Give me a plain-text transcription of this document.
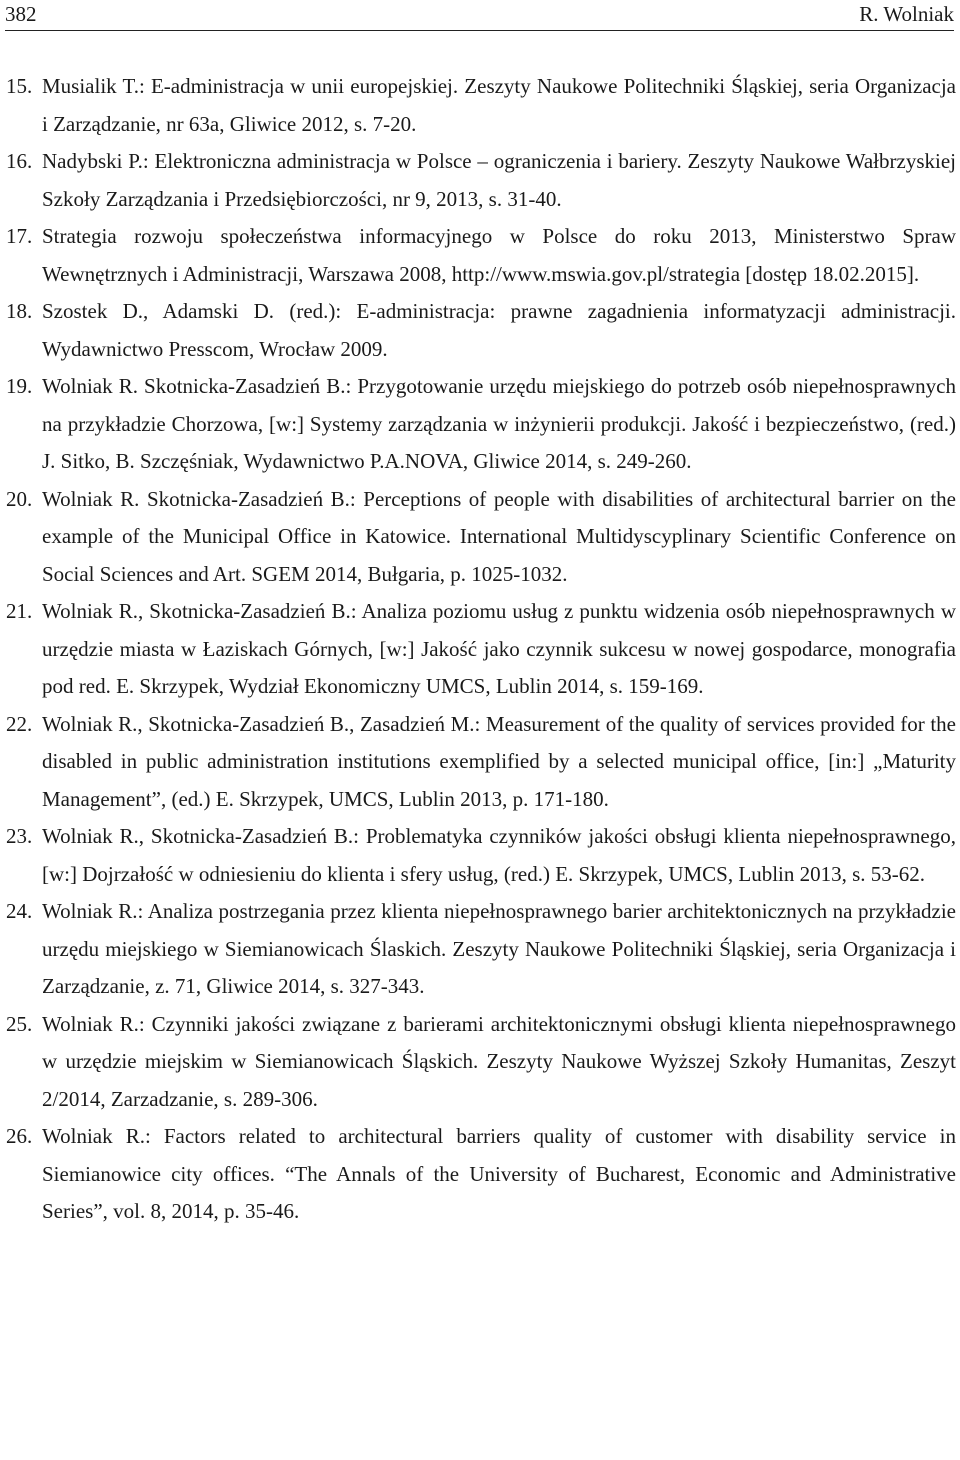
382	R. Wolniak
15. Musialik T.: E-administracja w unii europejskiej. Zeszyty Naukowe Politechniki Śląskiej, seria Organizacja i Zarządzanie, nr 63a, Gliwice 2012, s. 7-20.
16. Nadybski P.: Elektroniczna administracja w Polsce – ograniczenia i bariery. Zeszyty Naukowe Wałbrzyskiej Szkoły Zarządzania i Przedsiębiorczości, nr 9, 2013, s. 31-40.
17. Strategia rozwoju społeczeństwa informacyjnego w Polsce do roku 2013, Ministerstwo Spraw Wewnętrznych i Administracji, Warszawa 2008, http://www.mswia.gov.pl/strategia [dostęp 18.02.2015].
18. Szostek D., Adamski D. (red.): E-administracja: prawne zagadnienia informatyzacji administracji. Wydawnictwo Presscom, Wrocław 2009.
19. Wolniak R. Skotnicka-Zasadzień B.: Przygotowanie urzędu miejskiego do potrzeb osób niepełnosprawnych na przykładzie Chorzowa, [w:] Systemy zarządzania w inżynierii produkcji. Jakość i bezpieczeństwo, (red.) J. Sitko, B. Szczęśniak, Wydawnictwo P.A.NOVA, Gliwice 2014, s. 249-260.
20. Wolniak R. Skotnicka-Zasadzień B.: Perceptions of people with disabilities of architectural barrier on the example of the Municipal Office in Katowice. International Multidyscyplinary Scientific Conference on Social Sciences and Art. SGEM 2014, Bułgaria, p. 1025-1032.
21. Wolniak R., Skotnicka-Zasadzień B.: Analiza poziomu usług z punktu widzenia osób niepełnosprawnych w urzędzie miasta w Łaziskach Górnych, [w:] Jakość jako czynnik sukcesu w nowej gospodarce, monografia pod red. E. Skrzypek, Wydział Ekonomiczny UMCS, Lublin 2014, s. 159-169.
22. Wolniak R., Skotnicka-Zasadzień B., Zasadzień M.: Measurement of the quality of services provided for the disabled in public administration institutions exemplified by a selected municipal office, [in:] „Maturity Management”, (ed.) E. Skrzypek, UMCS, Lublin 2013, p. 171-180.
23. Wolniak R., Skotnicka-Zasadzień B.: Problematyka czynników jakości obsługi klienta niepełnosprawnego, [w:] Dojrzałość w odniesieniu do klienta i sfery usług, (red.) E. Skrzypek, UMCS, Lublin 2013, s. 53-62.
24. Wolniak R.: Analiza postrzegania przez klienta niepełnosprawnego barier architektonicznych na przykładzie urzędu miejskiego w Siemianowicach Ślaskich. Zeszyty Naukowe Politechniki Śląskiej, seria Organizacja i Zarządzanie, z. 71, Gliwice 2014, s. 327-343.
25. Wolniak R.: Czynniki jakości związane z barierami architektonicznymi obsługi klienta niepełnosprawnego w urzędzie miejskim w Siemianowicach Śląskich. Zeszyty Naukowe Wyższej Szkoły Humanitas, Zeszyt 2/2014, Zarzadzanie, s. 289-306.
26. Wolniak R.: Factors related to architectural barriers quality of customer with disability service in Siemianowice city offices. “The Annals of the University of Bucharest, Economic and Administrative Series”, vol. 8, 2014, p. 35-46.
